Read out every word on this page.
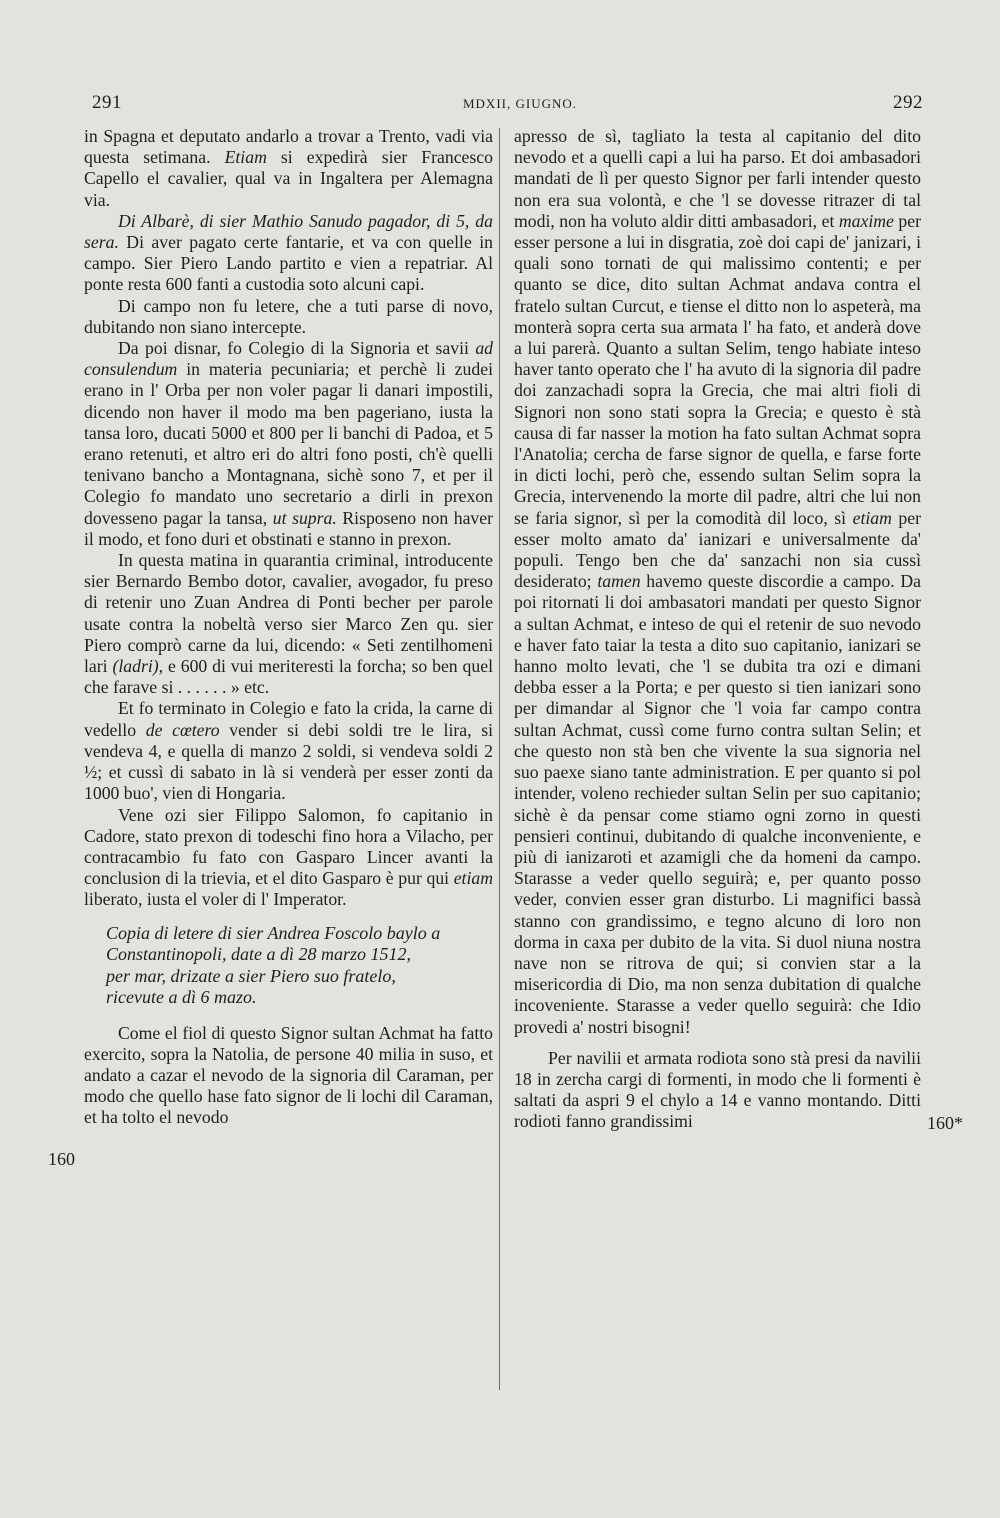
291	MDXII, GIUGNO.	292

in Spagna et deputato andarlo a trovar a Trento, vadi via questa setimana. Etiam si expedirà sier Francesco Capello el cavalier, qual va in Ingaltera per Alemagna via.

Di Albarè, di sier Mathio Sanudo pagador, di 5, da sera. Di aver pagato certe fantarie, et va con quelle in campo. Sier Piero Lando partito e vien a repatriar. Al ponte resta 600 fanti a custodia soto alcuni capi.

Di campo non fu letere, che a tuti parse di novo, dubitando non siano intercepte.

Da poi disnar, fo Colegio di la Signoria et savii ad consulendum in materia pecuniaria; et perchè li zudei erano in l' Orba per non voler pagar li danari impostili, dicendo non haver il modo ma ben pageriano, iusta la tansa loro, ducati 5000 et 800 per li banchi di Padoa, et 5 erano retenuti, et altro eri do altri fono posti, ch'è quelli tenivano bancho a Montagnana, sichè sono 7, et per il Colegio fo mandato uno secretario a dirli in prexon dovesseno pagar la tansa, ut supra. Risposeno non haver il modo, et fono duri et obstinati e stanno in prexon.

In questa matina in quarantia criminal, introducente sier Bernardo Bembo dotor, cavalier, avogador, fu preso di retenir uno Zuan Andrea di Ponti becher per parole usate contra la nobeltà verso sier Marco Zen qu. sier Piero comprò carne da lui, dicendo: « Seti zentilhomeni lari (ladri), e 600 di vui meriteresti la forcha; so ben quel che farave si . . . . . . » etc.

Et fo terminato in Colegio e fato la crida, la carne di vedello de cœtero vender si debi soldi tre le lira, si vendeva 4, e quella di manzo 2 soldi, si vendeva soldi 2 ½; et cussì di sabato in là si venderà per esser zonti da 1000 buo', vien di Hongaria.

Vene ozi sier Filippo Salomon, fo capitanio in Cadore, stato prexon di todeschi fino hora a Vilacho, per contracambio fu fato con Gasparo Lincer avanti la conclusion di la trievia, et el dito Gasparo è pur qui etiam liberato, iusta el voler di l' Imperator.

Copia di letere di sier Andrea Foscolo baylo a
Constantinopoli, date a dì 28 marzo 1512,
per mar, drizate a sier Piero suo fratelo,
ricevute a dì 6 mazo.

Come el fiol di questo Signor sultan Achmat ha fatto exercito, sopra la Natolia, de persone 40 milia in suso, et andato a cazar el nevodo de la signoria dil Caraman, per modo che quello hase fato signor de li lochi dil Caraman, et ha tolto el nevodo

160

apresso de sì, tagliato la testa al capitanio del dito nevodo et a quelli capi a lui ha parso. Et doi ambasadori mandati de lì per questo Signor per farli intender questo non era sua volontà, e che 'l se dovesse ritrazer di tal modi, non ha voluto aldir ditti ambasadori, et maxime per esser persone a lui in disgratia, zoè doi capi de' janizari, i quali sono tornati de qui malissimo contenti; e per quanto se dice, dito sultan Achmat andava contra el fratelo sultan Curcut, e tiense el ditto non lo aspeterà, ma monterà sopra certa sua armata l' ha fato, et anderà dove a lui parerà. Quanto a sultan Selim, tengo habiate inteso haver tanto operato che l' ha avuto di la signoria dil padre doi zanzachadi sopra la Grecia, che mai altri fioli di Signori non sono stati sopra la Grecia; e questo è stà causa di far nasser la motion ha fato sultan Achmat sopra l'Anatolia; cercha de farse signor de quella, e farse forte in dicti lochi, però che, essendo sultan Selim sopra la Grecia, intervenendo la morte dil padre, altri che lui non se faria signor, sì per la comodità dil loco, sì etiam per esser molto amato da' ianizari e universalmente da' populi. Tengo ben che da' sanzachi non sia cussì desiderato; tamen havemo queste discordie a campo. Da poi ritornati li doi ambasatori mandati per questo Signor a sultan Achmat, e inteso de qui el retenir de suo nevodo e haver fato taiar la testa a dito suo capitanio, ianizari se hanno molto levati, che 'l se dubita tra ozi e dimani debba esser a la Porta; e per questo si tien ianizari sono per dimandar al Signor che 'l voia far campo contra sultan Achmat, cussì come furno contra sultan Selin; et che questo non stà ben che vivente la sua signoria nel suo paexe siano tante administration. E per quanto si pol intender, voleno rechieder sultan Selin per suo capitanio; sichè è da pensar come stiamo ogni zorno in questi pensieri continui, dubitando di qualche inconveniente, e più di ianizaroti et azamigli che da homeni da campo. Starasse a veder quello seguirà; e, per quanto posso veder, convien esser gran disturbo. Li magnifici bassà stanno con grandissimo, e tegno alcuno di loro non dorma in caxa per dubito de la vita. Si duol niuna nostra nave non se ritrova de qui; si convien star a la misericordia di Dio, ma non senza dubitation di qualche incoveniente. Starasse a veder quello seguirà: che Idio provedi a' nostri bisogni!

Per navilii et armata rodiota sono stà presi da navilii 18 in zercha cargi di formenti, in modo che li formenti è saltati da aspri 9 el chylo a 14 e vanno montando. Ditti rodioti fanno grandissimi	160*
